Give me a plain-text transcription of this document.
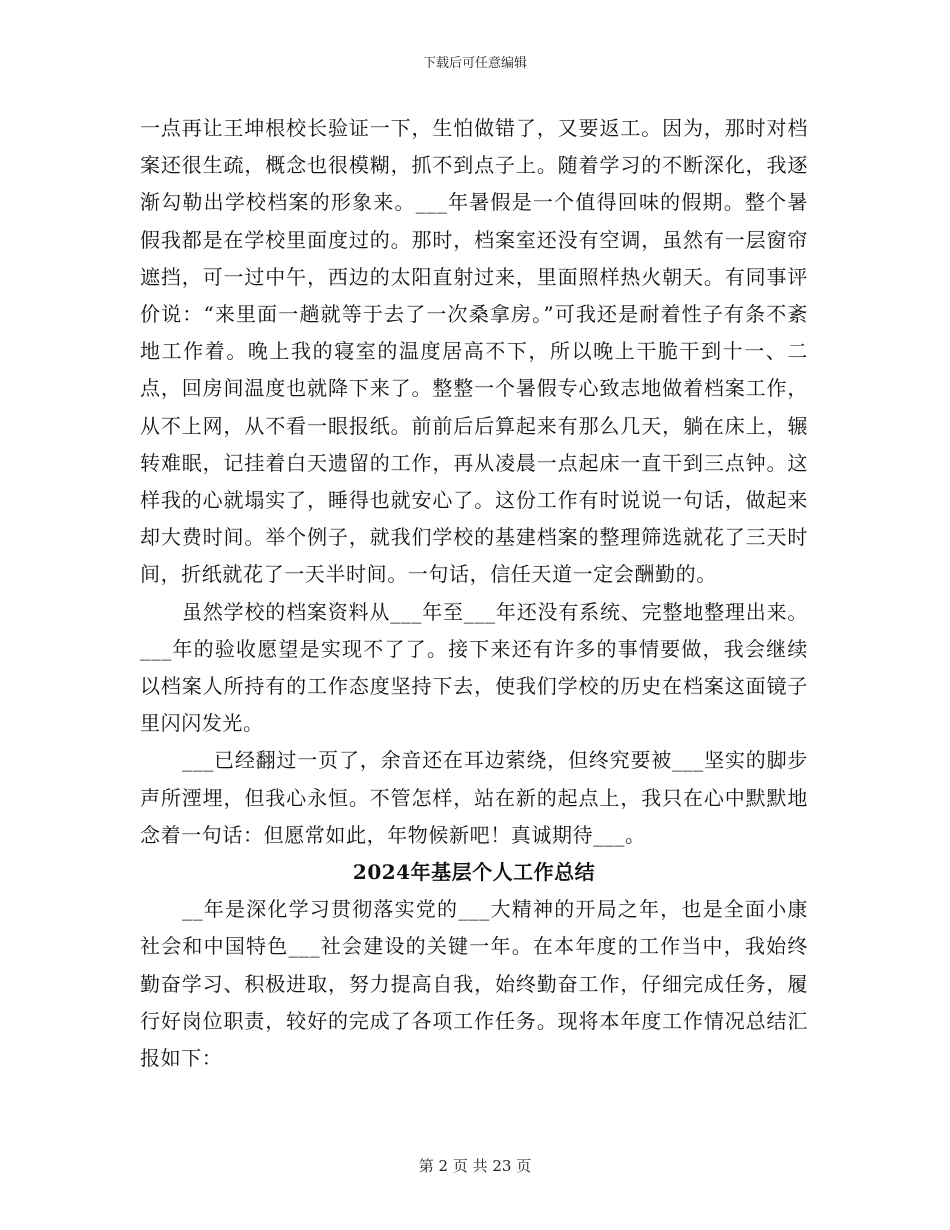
下载后可任意编辑

一点再让王坤根校长验证一下，生怕做错了，又要返工。因为，那时对档案还很生疏，概念也很模糊，抓不到点子上。随着学习的不断深化，我逐渐勾勒出学校档案的形象来。___年暑假是一个值得回味的假期。整个暑假我都是在学校里面度过的。那时，档案室还没有空调，虽然有一层窗帘遮挡，可一过中午，西边的太阳直射过来，里面照样热火朝天。有同事评价说：“来里面一趟就等于去了一次桑拿房。”可我还是耐着性子有条不紊地工作着。晚上我的寝室的温度居高不下，所以晚上干脆干到十一、二点，回房间温度也就降下来了。整整一个暑假专心致志地做着档案工作，从不上网，从不看一眼报纸。前前后后算起来有那么几天，躺在床上，辗转难眠，记挂着白天遗留的工作，再从凌晨一点起床一直干到三点钟。这样我的心就塌实了，睡得也就安心了。这份工作有时说说一句话，做起来却大费时间。举个例子，就我们学校的基建档案的整理筛选就花了三天时间，折纸就花了一天半时间。一句话，信任天道一定会酬勤的。

虽然学校的档案资料从___年至___年还没有系统、完整地整理出来。___年的验收愿望是实现不了了。接下来还有许多的事情要做，我会继续以档案人所持有的工作态度坚持下去，使我们学校的历史在档案这面镜子里闪闪发光。

___已经翻过一页了，余音还在耳边萦绕，但终究要被___坚实的脚步声所湮埋，但我心永恒。不管怎样，站在新的起点上，我只在心中默默地念着一句话：但愿常如此，年物候新吧！真诚期待___。

2024年基层个人工作总结

__年是深化学习贯彻落实党的___大精神的开局之年，也是全面小康社会和中国特色___社会建设的关键一年。在本年度的工作当中，我始终勤奋学习、积极进取，努力提高自我，始终勤奋工作，仔细完成任务，履行好岗位职责，较好的完成了各项工作任务。现将本年度工作情况总结汇报如下：

第 2 页 共 23 页
